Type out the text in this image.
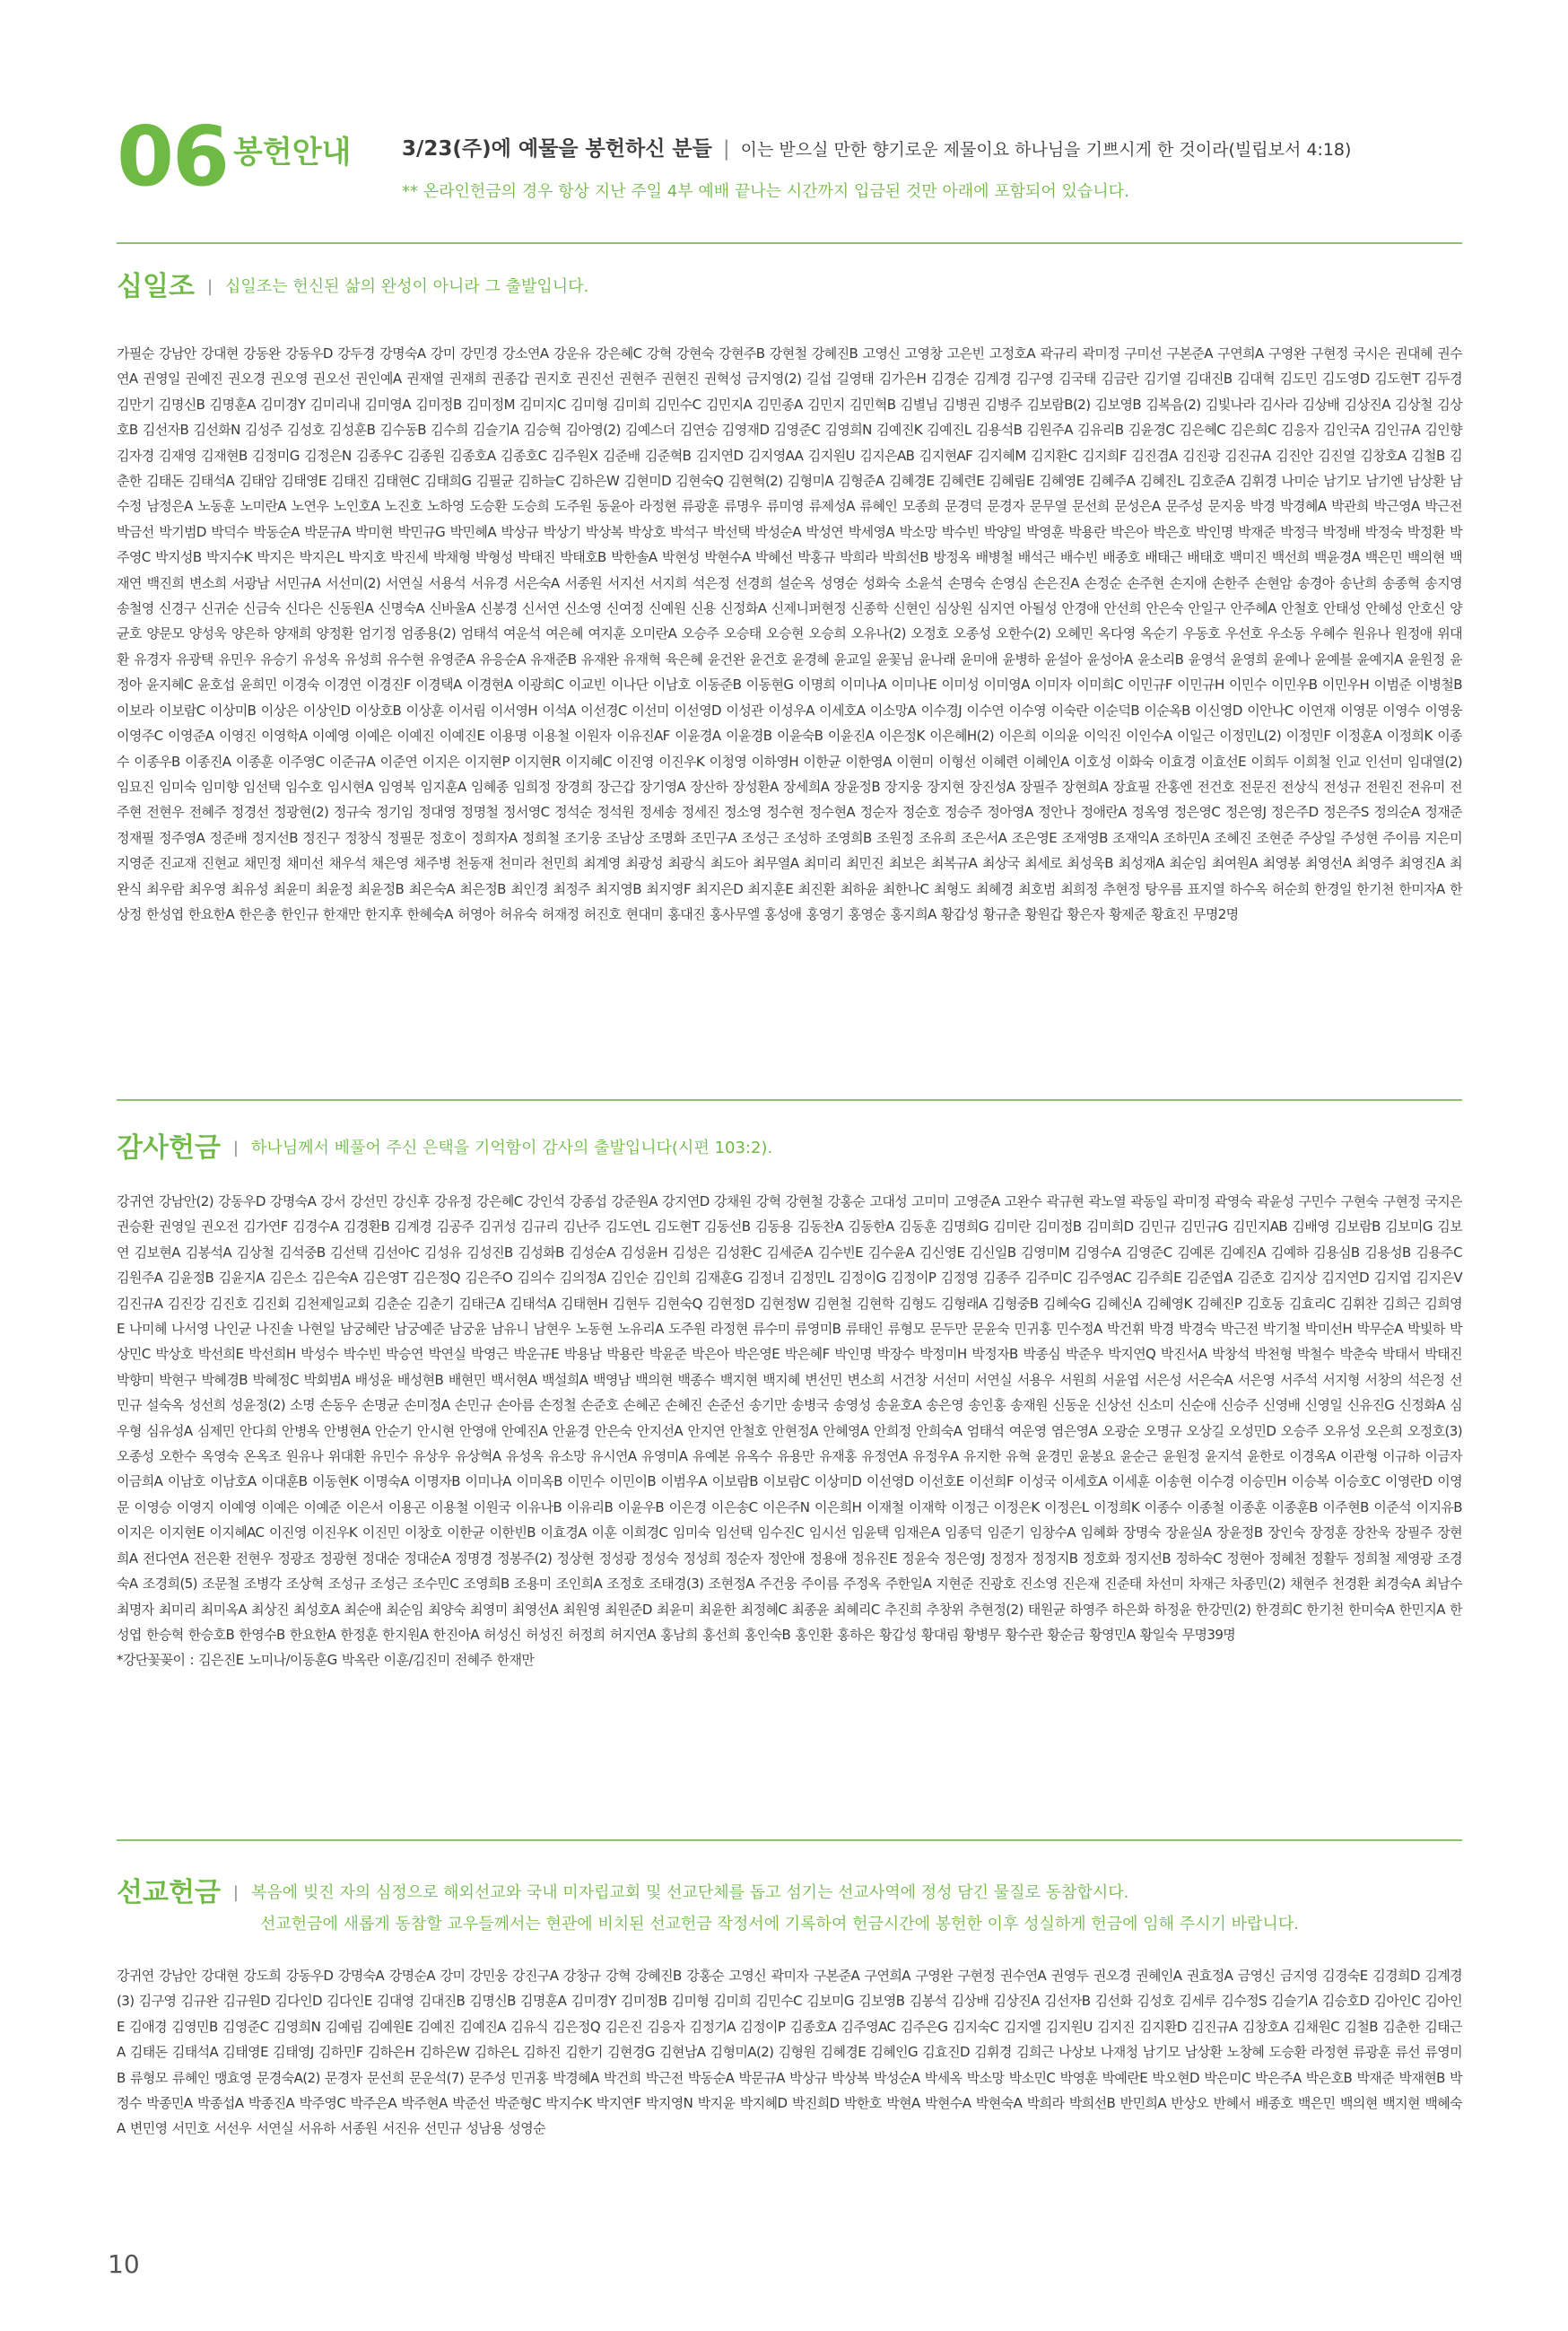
06 봉헌안내 3/23(주)에 예물을 봉헌하신 분들 | 이는 받으실 만한 향기로운 제물이요 하나님을 기쁘시게 한 것이라(빌립보서 4:18)
** 온라인헌금의 경우 항상 지난 주일 4부 예배 끝나는 시간까지 입금된 것만 아래에 포함되어 있습니다.
십일조 | 십일조는 헌신된 삶의 완성이 아니라 그 출발입니다.
가필순 강남안 강대현 강동완 강동우D 강두경 강명숙A 강미 강민경 강소연A 강운유 강은혜C 강혁 강현숙 강현주B 강현철 강혜진B 고영신 고영창 고은빈 고정호A 곽규리 곽미정 구미선 구본준A 구연희A 구영완 구현정 국시은 권대혜 권수연A 권영일 권예진 권오경 권오영 권오선 권인예A 권재열 권재희 권종갑 권지호 권진선 권현주 권현진 권혁성 금지영(2) 길섭 길영태 김가은H 김경순 김계경 김구영 김국태 김금란 김기열 김대진B 김대혁 김도민 김도영D 김도현T 김두경 김만기 김명신B 김명훈A 김미경Y 김미리내 김미영A 김미정B 김미정M 김미지C 김미형 김미희 김민수C 김민지A 김민종A 김민지 김민혁B 김별님 김병권 김병주 김보람B(2) 김보영B 김복음(2) 김빛나라 김사라 김상배 김상진A 김상철 김상호B 김선자B 김선화N 김성주 김성호 김성훈B 김수동B 김수희 김슬기A 김승혁 김아영(2) 김예스더 김연승 김영재D 김영준C 김영희N 김예진K 김예진L 김용석B 김원주A 김유리B 김윤경C 김은혜C 김은희C 김응자 김인국A 김인규A 김인향 김자경 김재영 김재현B 김정미G 김정은N 김종우C 김종원 김종호A 김종호C 김주원X 김준배 김준혁B 김지연D 김지영AA 김지원U 김지은AB 김지현AF 김지혜M 김지환C 김지희F 김진겸A 김진광 김진규A 김진안 김진열 김창호A 김철B 김춘한 김태돈 김태석A 김태암 김태영E 김태진 김태현C 김태희G 김필균 김하늘C 김하은W 김현미D 김현숙Q 김현혁(2) 김형미A 김형준A 김혜경E 김혜련E 김혜림E 김혜영E 김혜주A 김혜진L 김호준A 김휘경 나미순 남기모 남기엔 남상환 남수정 남정은A 노동훈 노미란A 노연우 노인호A 노진호 노하영 도승환 도승희 도주원 동윤아 라정현 류광훈 류명우 류미영 류제성A 류혜인 모종희 문경덕 문경자 문무열 문선희 문성은A 문주성 문지웅 박경 박경혜A 박관희 박근영A 박근전 박금선 박기범D 박덕수 박동순A 박문규A 박미현 박민규G 박민혜A 박상규 박상기 박상복 박상호 박석구 박선택 박성순A 박성연 박세영A 박소망 박수빈 박양일 박영훈 박용란 박은아 박은호 박인명 박재준 박정극 박정배 박정숙 박정환 박주영C 박지성B 박지수K 박지은 박지은L 박지호 박진세 박채형 박형성 박태진 박태호B 박한솔A 박현성 박현수A 박혜선 박홍규 박희라 박희선B 방정옥 배병철 배석근 배수빈 배종호 배태근 배태호 백미진 백선희 백윤경A 백은민 백의현 백재연 백진희 변소희 서광남 서민규A 서선미(2) 서연실 서용석 서유경 서은숙A 서종원 서지선 서지희 석은정 선경희 설순옥 성영순 성화숙 소윤석 손명숙 손영심 손은진A 손정순 손주현 손지애 손한주 손현암 송경아 송난희 송종혁 송지영 송철영 신경구 신귀순 신금숙 신다은 신동원A 신명숙A 신바울A 신봉경 신서연 신소영 신여정 신예원 신용 신정화A 신제니퍼현정 신종학 신현인 심상원 심지연 아될성 안경애 안선희 안은숙 안일구 안주혜A 안철호 안태성 안혜성 안호신 양균호 양문모 양성욱 양은하 양재희 양정환 엄기정 엄종용(2) 엄태석 여운석 여은혜 여지훈 오미란A 오승주 오승태 오승현 오승희 오유나(2) 오정호 오종성 오한수(2) 오혜민 옥다영 옥순기 우동호 우선호 우소동 우혜수 원유나 원정애 위대환 유경자 유광택 유민우 유승기 유성옥 유성희 유수현 유영준A 유응순A 유재준B 유재완 유재혁 육은혜 윤건완 윤건호 윤경혜 윤교일 윤꽃님 윤나래 윤미애 윤병하 윤설아 윤성아A 윤소리B 윤영석 윤영희 윤예나 윤예블 윤예지A 윤원정 윤정아 윤지혜C 윤호섭 윤희민 이경숙 이경연 이경진F 이경택A 이경현A 이광희C 이교빈 이나단 이남호 이동준B 이동현G 이명희 이미나A 이미나E 이미성 이미영A 이미자 이미희C 이민규F 이민규H 이민수 이민우B 이민우H 이범준 이병철B 이보라 이보람C 이상미B 이상은 이상인D 이상호B 이상훈 이서림 이서영H 이석A 이선경C 이선미 이선영D 이성관 이성우A 이세호A 이소망A 이수경J 이수연 이수영 이숙란 이순덕B 이순옥B 이신영D 이안나C 이연재 이영문 이영수 이영웅 이영주C 이영준A 이영진 이영학A 이예영 이예은 이예진 이예진E 이용명 이용철 이원자 이유진AF 이윤경A 이윤경B 이윤숙B 이윤진A 이은정K 이은혜H(2) 이은희 이의윤 이익진 이인수A 이일근 이정민L(2) 이정민F 이정훈A 이정희K 이종수 이종우B 이종진A 이종훈 이주영C 이준규A 이준연 이지은 이지현P 이지현R 이지혜C 이진영 이진우K 이청영 이하영H 이한균 이한영A 이현미 이형선 이혜련 이혜인A 이호성 이화숙 이효경 이효선E 이희두 이희철 인교 인선미 임대열(2) 임묘진 임미숙 임미향 임선택 임수호 임시현A 임영복 임지훈A 임혜종 임희정 장경희 장근갑 장기영A 장산하 장성환A 장세희A 장윤정B 장지웅 장지현 장진성A 장필주 장현희A 장효필 잔홍엔 전건호 전문진 전상식 전성규 전원진 전유미 전주현 전현우 전혜주 정경선 정광현(2) 정규숙 정기임 정대영 정명철 정서영C 정석순 정석원 정세송 정세진 정소영 정수현 정수현A 정순자 정순호 정승주 정아영A 정안나 정애란A 정옥영 정은영C 정은영J 정은주D 정은주S 정의순A 정재준 정재필 정주영A 정준배 정지선B 정진구 정창식 정필문 정호이 정희자A 정희철 조기웅 조남상 조명화 조민구A 조성근 조성하 조영희B 조원정 조유희 조은서A 조은영E 조재영B 조재익A 조하민A 조혜진 조현준 주상일 주성현 주이름 지은미 지영준 진교재 진현교 채민정 채미선 채우석 채은영 채주병 천동재 천미라 천민희 최계영 최광성 최광식 최도아 최무열A 최미리 최민진 최보은 최복규A 최상국 최세로 최성욱B 최성재A 최순임 최여원A 최영봉 최영선A 최영주 최영진A 최완식 최우람 최우영 최유성 최윤미 최윤정 최윤정B 최은숙A 최은정B 최인경 최정주 최지영B 최지영F 최지은D 최지훈E 최진환 최하윤 최한나C 최형도 최혜경 최호범 최희정 추현정 탕우름 표지열 하수옥 허순희 한경일 한기천 한미자A 한상정 한성엽 한요한A 한은총 한인규 한재만 한지후 한혜숙A 허영아 허유숙 허재정 허진호 현대미 홍대진 홍사무엘 홍성애 홍영기 홍영순 홍지희A 황갑성 황규춘 황원갑 황은자 황제준 황효진 무명2명
감사헌금 | 하나님께서 베풀어 주신 은택을 기억함이 감사의 출발입니다(시편 103:2).
강귀연 강남안(2) 강동우D 강명숙A 강서 강선민 강신후 강유정 강은혜C 강인석 강종섭 강준원A 강지연D 강채원 강혁 강현철 강홍순 고대성 고미미 고영준A 고완수 곽규현 곽노열 곽동일 곽미정 곽영숙 곽윤성 구민수 구현숙 구현정 국지은 권승환 권영일 권오전 김가연F 김경수A 김경환B 김계경 김공주 김귀성 김규리 김난주 김도연L 김도현T 김동선B 김동용 김동찬A 김동한A 김동훈 김명희G 김미란 김미정B 김미희D 김민규 김민규G 김민지AB 김배영 김보람B 김보미G 김보연 김보현A 김봉석A 김상철 김석중B 김선택 김선아C 김성유 김성진B 김성화B 김성순A 김성윤H 김성은 김성환C 김세준A 김수빈E 김수윤A 김신영E 김신일B 김영미M 김영수A 김영준C 김예론 김예진A 김예하 김용심B 김용성B 김용주C 김원주A 김윤정B 김윤지A 김은소 김은숙A 김은영T 김은정Q 김은주O 김의수 김의정A 김인순 김인희 김재훈G 김정녀 김정민L 김정이G 김정이P 김정영 김종주 김주미C 김주영AC 김주희E 김준엽A 김준호 김지상 김지연D 김지엽 김지은V 김진규A 김진강 김진호 김진회 김천제일교회 김춘순 김춘기 김태근A 김태석A 김태현H 김현두 김현숙Q 김현정D 김현정W 김현철 김현학 김형도 김형래A 김형중B 김혜숙G 김혜신A 김혜영K 김혜진P 김호동 김효리C 김휘찬 김희근 김희영E 나미혜 나서영 나인균 나진솔 나현일 남궁혜란 남궁예준 남궁윤 남유니 남현우 노동현 노유리A 도주원 라정현 류수미 류영미B 류태인 류형모 문두만 문윤숙 민귀홍 민수정A 박건휘 박경 박경숙 박근전 박기철 박미선H 박무순A 박빛하 박상민C 박상호 박선희E 박선희H 박성수 박수빈 박승연 박연실 박영근 박운규E 박용남 박용란 박윤준 박은아 박은영E 박은혜F 박인명 박장수 박정미H 박정자B 박종심 박준우 박지연Q 박진서A 박창석 박천형 박철수 박춘숙 박태서 박태진 박향미 박현구 박혜경B 박혜정C 박회범A 배성윤 배성현B 배현민 백서현A 백설희A 백영남 백의현 백종수 백지현 백지혜 변선민 변소희 서건창 서선미 서연실 서용우 서원희 서윤엽 서은성 서은숙A 서은영 서주석 서지형 서창의 석은정 선민규 설숙옥 성선희 성윤정(2) 소명 손동우 손명균 손미정A 손민규 손아름 손정철 손준호 손혜곤 손혜진 손준선 송기만 송병국 송영성 송윤호A 송은영 송인홍 송재원 신동운 신상선 신소미 신순애 신승주 신영배 신영일 신유진G 신정화A 심우형 심유성A 심제민 안다희 안병옥 안병현A 안순기 안시현 안영애 안예진A 안윤경 안은숙 안지선A 안지연 안철호 안현정A 안혜영A 안희정 안희숙A 엄태석 여운영 염은영A 오광순 오명규 오상길 오성민D 오승주 오유성 오은희 오정호(3) 오종성 오한수 옥영숙 온옥조 원유나 위대환 유민수 유상우 유상혁A 유성옥 유소망 유시연A 유영미A 유예본 유옥수 유용만 유재홍 유정연A 유정우A 유지한 유혁 윤경민 윤봉요 윤순근 윤원정 윤지석 윤한로 이경옥A 이관형 이규하 이금자 이금희A 이남호 이남호A 이대훈B 이동현K 이명숙A 이명자B 이미나A 이미옥B 이민수 이민이B 이범우A 이보람B 이보람C 이상미D 이선영D 이선호E 이선희F 이성국 이세호A 이세훈 이송현 이수경 이승민H 이승복 이승호C 이영란D 이영문 이영승 이영지 이예영 이예은 이예준 이은서 이용곤 이용철 이원국 이유나B 이유리B 이윤우B 이은경 이은송C 이은주N 이은희H 이재철 이재학 이정근 이정은K 이정은L 이정희K 이종수 이종철 이종훈 이종훈B 이주현B 이준석 이지유B 이지은 이지현E 이지혜AC 이진영 이진우K 이진민 이창호 이한균 이한빈B 이효경A 이훈 이희경C 임미숙 임선택 임수진C 임시선 임윤택 임재은A 임종덕 임준기 임창수A 임혜화 장명숙 장윤실A 장윤정B 장인숙 장정훈 장찬욱 장필주 장현희A 전다연A 전은환 전현우 정광조 정광현 정대순 정대순A 정명경 정봉주(2) 정상현 정성광 정성숙 정성희 정순자 정안애 정용애 정유진E 정윤숙 정은영J 정정자 정정지B 정호화 정지선B 정하숙C 정현아 정혜천 정활두 정희철 제영광 조경숙A 조경희(5) 조문철 조병각 조상혁 조성규 조성근 조수민C 조영희B 조용미 조인희A 조정호 조태경(3) 조현정A 주건웅 주이름 주정옥 주한일A 지현준 진광호 진소영 진은재 진준태 차선미 차재근 차종민(2) 채현주 천경환 최경숙A 최남수 최명자 최미리 최미옥A 최상진 최성호A 최순애 최순임 최양숙 최영미 최영선A 최원영 최원준D 최윤미 최윤한 최정혜C 최종윤 최혜리C 추진희 추창위 추현정(2) 태원균 하영주 하은화 하정윤 한강민(2) 한경희C 한기천 한미숙A 한민지A 한성엽 한승혁 한승호B 한영수B 한요한A 한정훈 한지원A 한진아A 허성신 허성진 허정희 허지연A 홍남희 홍선희 홍인숙B 홍인환 홍하은 황갑성 황대림 황병무 황수관 황순금 황영민A 황일숙 무명39명
*강단꽃꽂이 : 김은진E 노미나/이동훈G 박옥란 이훈/김진미 전혜주 한재만
선교헌금 | 복음에 빚진 자의 심정으로 해외선교와 국내 미자립교회 및 선교단체를 돕고 섬기는 선교사역에 정성 담긴 물질로 동참합시다.
선교헌금에 새롭게 동참할 교우들께서는 현관에 비치된 선교헌금 작정서에 기록하여 헌금시간에 봉헌한 이후 성실하게 헌금에 임해 주시기 바랍니다.
강귀연 강남안 강대현 강도희 강동우D 강명숙A 강명순A 강미 강민웅 강진구A 강창규 강혁 강혜진B 강홍순 고영신 곽미자 구본준A 구연희A 구영완 구현정 권수연A 권영두 권오경 권혜인A 권효정A 금영신 금지영 김경숙E 김경희D 김계경(3) 김구영 김규완 김규원D 김다인D 김다인E 김대영 김대진B 김명신B 김명훈A 김미경Y 김미정B 김미형 김미희 김민수C 김보미G 김보영B 김봉석 김상배 김상진A 김선자B 김선화 김성호 김세루 김수정S 김슬기A 김승호D 김아인C 김아인E 김애경 김영민B 김영준C 김영희N 김예림 김예원E 김예진 김예진A 김유식 김은정Q 김은진 김응자 김정기A 김정이P 김종호A 김주영AC 김주은G 김지숙C 김지엘 김지원U 김지진 김지환D 김진규A 김창호A 김채원C 김철B 김춘한 김태근A 김태돈 김태석A 김태영E 김태영J 김하민F 김하은H 김하은W 김하은L 김하진 김한기 김현경G 김현남A 김형미A(2) 김형원 김혜경E 김혜인G 김효진D 김휘경 김희근 나상보 나재청 남기모 남상환 노창혜 도승환 라정현 류광훈 류선 류영미B 류형모 류혜인 맹효영 문경숙A(2) 문경자 문선희 문운석(7) 문주성 민귀홍 박경혜A 박건희 박근전 박동순A 박문규A 박상규 박상복 박성순A 박세옥 박소망 박소민C 박영훈 박예란E 박오현D 박은미C 박은주A 박은호B 박재준 박재현B 박정수 박종민A 박종섭A 박종진A 박주영C 박주은A 박주현A 박준선 박준형C 박지수K 박지연F 박지영N 박지윤 박지혜D 박진희D 박한호 박현A 박현수A 박현숙A 박희라 박희선B 반민희A 반상오 반혜서 배종호 백은민 백의현 백지현 백혜숙A 변민영 서민호 서선우 서연실 서유하 서종원 서진유 선민규 성남용 성영순
10
